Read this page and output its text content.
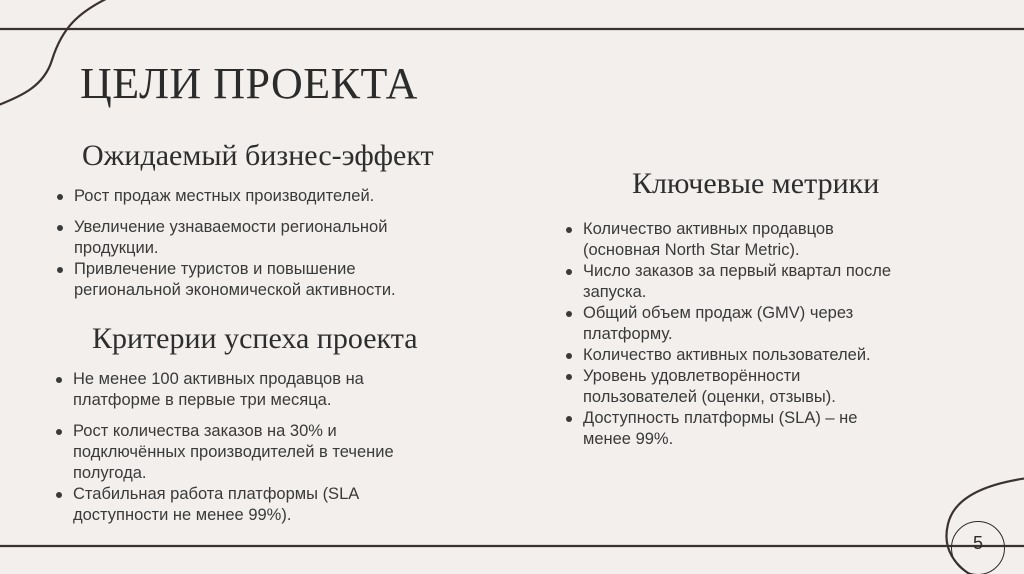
ЦЕЛИ ПРОЕКТА
Ожидаемый бизнес-эффект
Рост продаж местных производителей.
Увеличение узнаваемости региональной продукции.
Привлечение туристов и повышение региональной экономической активности.
Критерии успеха проекта
Не менее 100 активных продавцов на платформе в первые три месяца.
Рост количества заказов на 30% и подключённых производителей в течение полугода.
Стабильная работа платформы (SLA доступности не менее 99%).
Ключевые метрики
Количество активных продавцов (основная North Star Metric).
Число заказов за первый квартал после запуска.
Общий объем продаж (GMV) через платформу.
Количество активных пользователей.
Уровень удовлетворённости пользователей (оценки, отзывы).
Доступность платформы (SLA) – не менее 99%.
5
